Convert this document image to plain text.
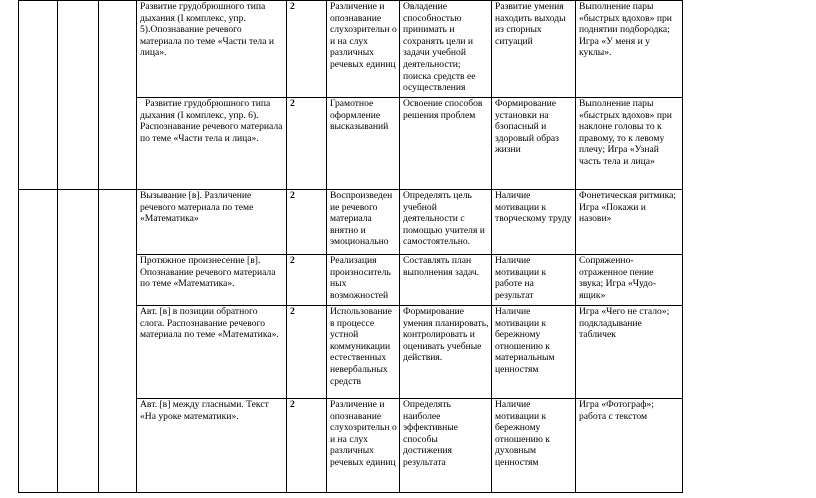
			Развитие грудобрюшного типа дыхания (I комплекс, упр. 5).Опознавание речевого материала по теме «Части тела и лица».	2	Различение и опознавание слухозрительн о и на слух различных речевых единиц	Овладение способностью принимать и сохранять цели и задачи учебной деятельности; поиска средств ее осуществления	Развитие умения находить выходы из спорных ситуаций	Выполнение пары «быстрых вдохов» при поднятии подбородка; Игра «У меня и у куклы».
			Развитие грудобрюшного типа дыхания (I комплекс, упр. 6). Распознавание речевого материала по теме «Части тела и лица».	2	Грамотное оформление высказываний	Освоение способов решения проблем	Формирование установки на бзопасный и здоровый образ жизни	Выполнение пары «быстрых вдохов» при наклоне головы то к правому, то к левому плечу; Игра «Узнай часть тела и лица»
			Вызывание [в]. Различение речевого материала по теме «Математика»	2	Воспроизведен ие речевого материала внятно и эмоционально	Определять цель учебной деятельности с помощью учителя и самостоятельно.	Наличие мотивации к творческому труду	Фонетическая ритмика; Игра «Покажи и назови»
			Протяжное произнесение [в]. Опознавание речевого материала по теме «Математика».	2	Реализация произноситель ных возможностей	Составлять план выполнения задач.	Наличие мотивации к работе на результат	Сопряженно-отраженное пение звука; Игра «Чудо-ящик»
			Авт. [в] в позиции обратного слога. Распознавание речевого материала по теме «Математика».	2	Использование в процессе устной коммуникации естественных невербальных средств	Формирование умения планировать, контролировать и оценивать учебные действия.	Наличие мотивации к бережному отношению к материальным ценностям	Игра «Чего не стало»; подкладывание табличек
			Авт. [в] между гласными. Текст «На уроке математики».	2	Различение и опознавание слухозрительн о и на слух различных речевых единиц	Определять наиболее эффективные способы достижения результата	Наличие мотивации к бережному отношению к духовным ценностям	Игра «Фотограф»; работа с текстом
